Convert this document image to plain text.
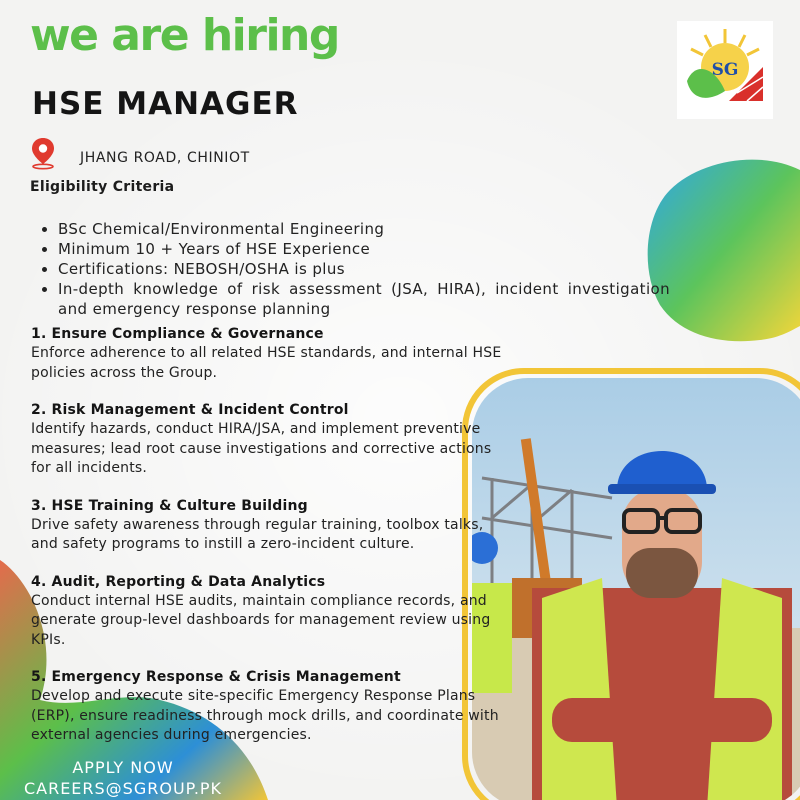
we are hiring
HSE MANAGER
JHANG ROAD, CHINIOT
Eligibility Criteria
• BSc Chemical/Environmental Engineering
• Minimum 10 + Years of HSE Experience
• Certifications: NEBOSH/OSHA is plus
• In-depth knowledge of risk assessment (JSA, HIRA), incident investigation and emergency response planning
SG
1. Ensure Compliance & Governance
Enforce adherence to all related HSE standards, and internal HSE policies across the Group.
2. Risk Management & Incident Control
Identify hazards, conduct HIRA/JSA, and implement preventive measures; lead root cause investigations and corrective actions for all incidents.
3. HSE Training & Culture Building
Drive safety awareness through regular training, toolbox talks, and safety programs to instill a zero-incident culture.
4. Audit, Reporting & Data Analytics
Conduct internal HSE audits, maintain compliance records, and generate group-level dashboards for management review using KPIs.
5. Emergency Response & Crisis Management
Develop and execute site-specific Emergency Response Plans (ERP), ensure readiness through mock drills, and coordinate with external agencies during emergencies.
APPLY NOW
CAREERS@SGROUP.PK
